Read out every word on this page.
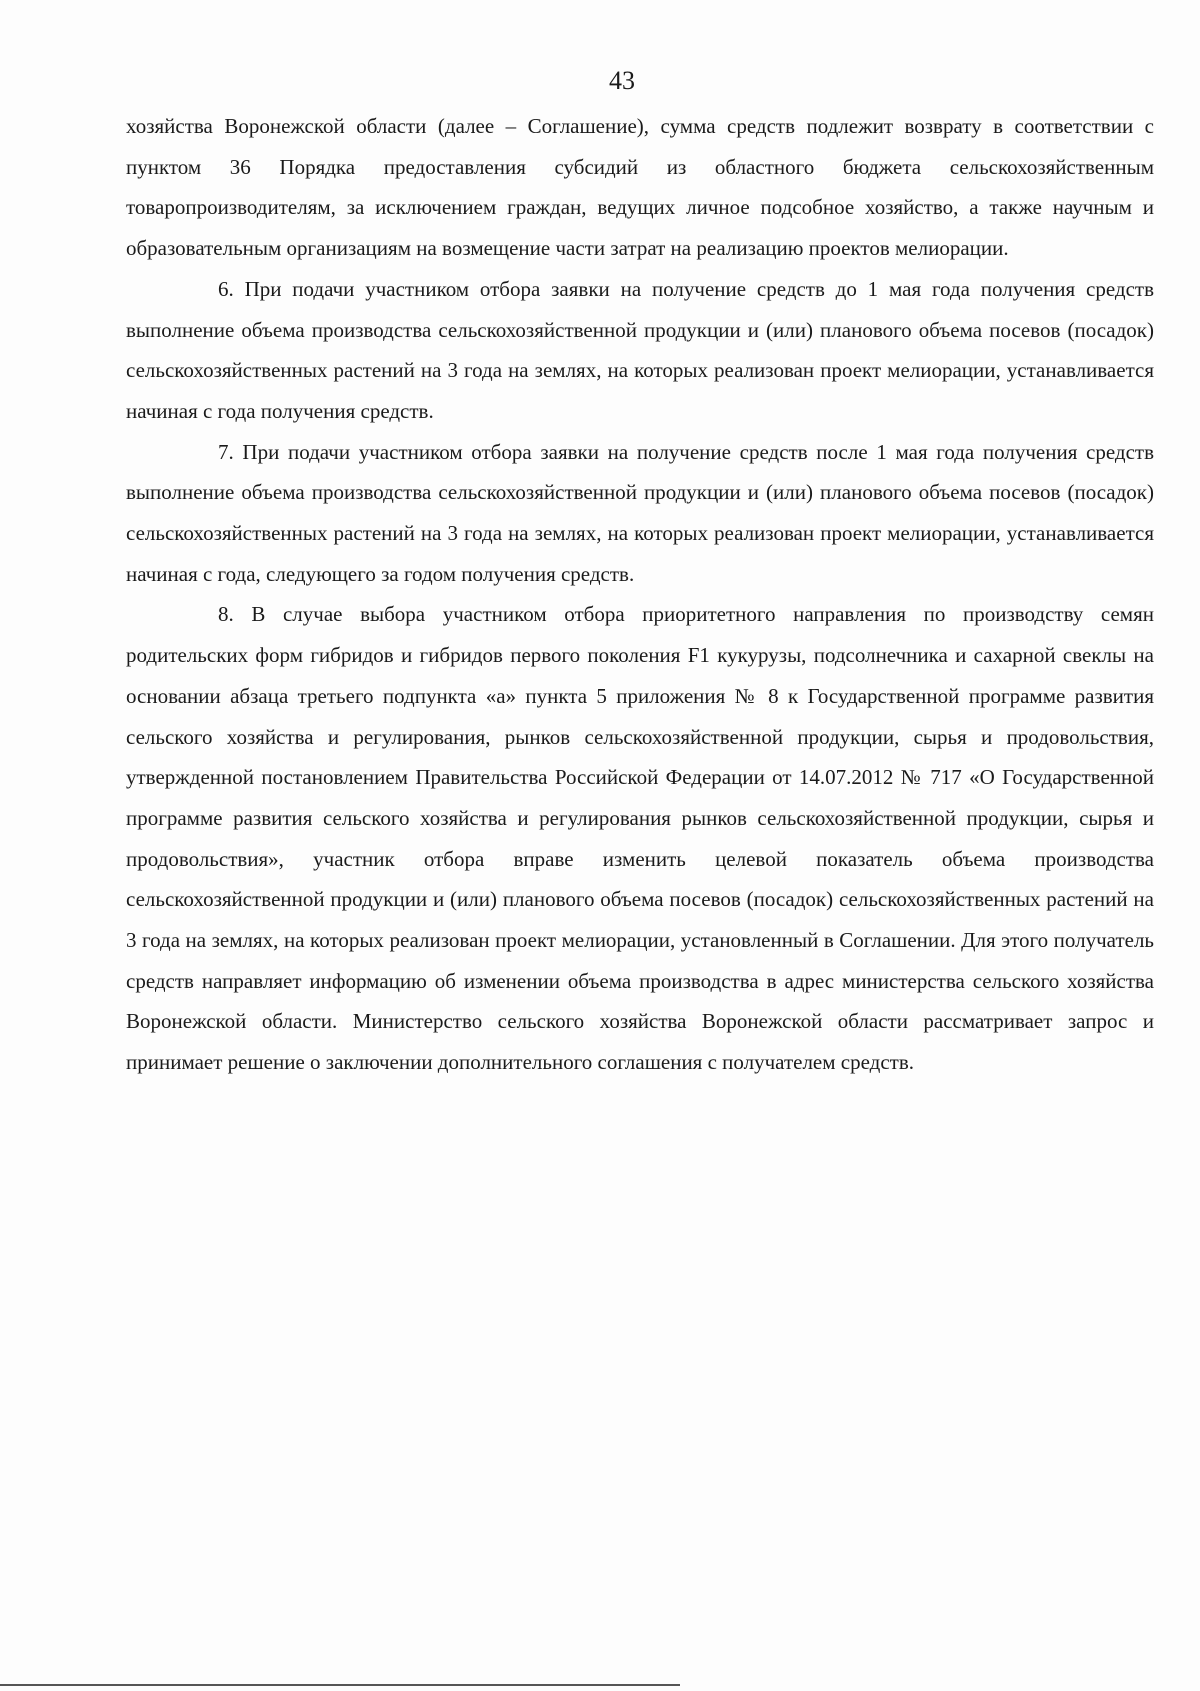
43

хозяйства Воронежской области (далее – Соглашение), сумма средств подлежит возврату в соответствии с пунктом 36 Порядка предоставления субсидий из областного бюджета сельскохозяйственным товаропроизводителям, за исключением граждан, ведущих личное подсобное хозяйство, а также научным и образовательным организациям на возмещение части затрат на реализацию проектов мелиорации.

6. При подачи участником отбора заявки на получение средств до 1 мая года получения средств выполнение объема производства сельскохозяйственной продукции и (или) планового объема посевов (посадок) сельскохозяйственных растений на 3 года на землях, на которых реализован проект мелиорации, устанавливается начиная с года получения средств.

7. При подачи участником отбора заявки на получение средств после 1 мая года получения средств выполнение объема производства сельскохозяйственной продукции и (или) планового объема посевов (посадок) сельскохозяйственных растений на 3 года на землях, на которых реализован проект мелиорации, устанавливается начиная с года, следующего за годом получения средств.

8. В случае выбора участником отбора приоритетного направления по производству семян родительских форм гибридов и гибридов первого поколения F1 кукурузы, подсолнечника и сахарной свеклы на основании абзаца третьего подпункта «а» пункта 5 приложения № 8 к Государственной программе развития сельского хозяйства и регулирования, рынков сельскохозяйственной продукции, сырья и продовольствия, утвержденной постановлением Правительства Российской Федерации от 14.07.2012 № 717 «О Государственной программе развития сельского хозяйства и регулирования рынков сельскохозяйственной продукции, сырья и продовольствия», участник отбора вправе изменить целевой показатель объема производства сельскохозяйственной продукции и (или) планового объема посевов (посадок) сельскохозяйственных растений на 3 года на землях, на которых реализован проект мелиорации, установленный в Соглашении. Для этого получатель средств направляет информацию об изменении объема производства в адрес министерства сельского хозяйства Воронежской области. Министерство сельского хозяйства Воронежской области рассматривает запрос и принимает решение о заключении дополнительного соглашения с получателем средств.
